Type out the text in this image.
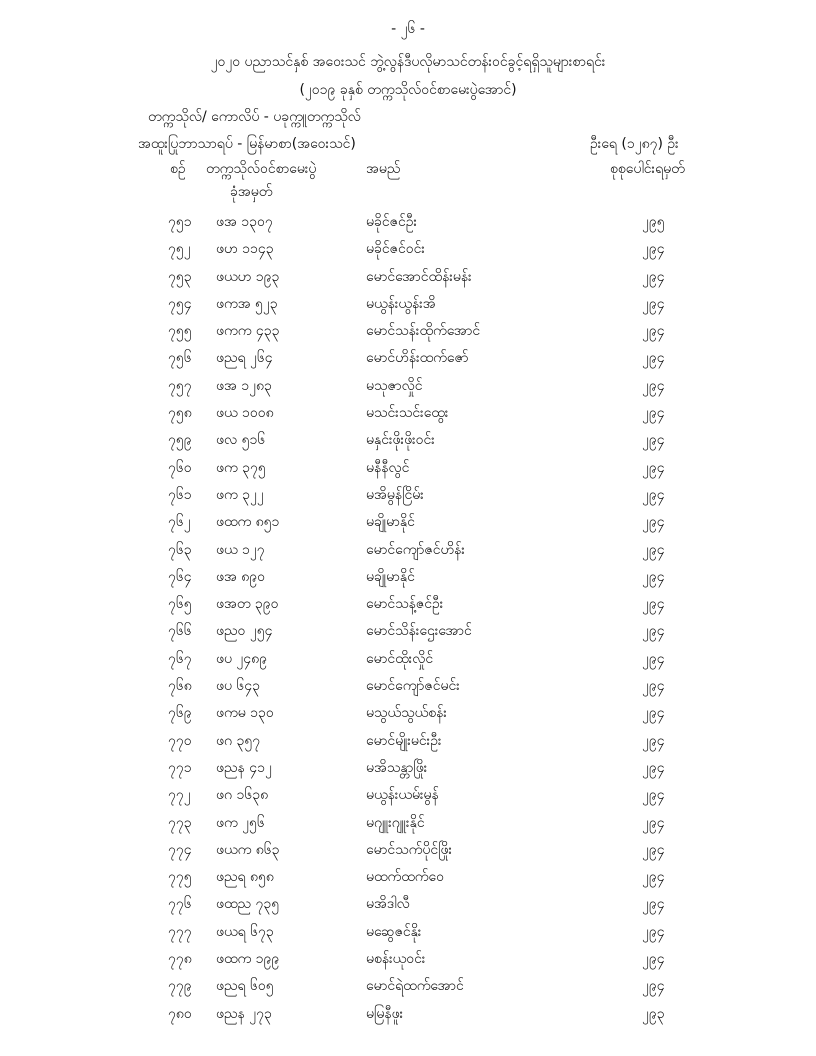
- ၂၆ -
၂၀၂၀ ပညာသင်နှစ် အဝေးသင် ဘွဲ့လွန်ဒီပလိုမာသင်တန်းဝင်ခွင့်ရရှိသူများစာရင်း
(၂၀၁၉ ခုနှစ် တက္ကသိုလ်ဝင်စာမေးပွဲအောင်)
တက္ကသိုလ်/ ကောလိပ် - ပခုက္ကူတက္ကသိုလ်
အထူးပြုဘာသာရပ် - မြန်မာစာ(အဝေးသင်)	ဦးရေ (၁၂၈၇) ဦး
စဉ် တက္ကသိုလ်ဝင်စာမေးပွဲ
ခုံအမှတ်
အမည်	စုစုပေါင်းရမှတ်
၇၅၁ ဖအ ၁၃၀၇	မခိုင်ဇင်ဦး	၂၉၅
၇၅၂ ဖဟ ၁၁၄၃	မခိုင်ဇင်ဝင်း	၂၉၄
၇၅၃ ဖယဟ ၁၉၃	မောင်အောင်ထိန်းမန်း	၂၉၄
၇၅၄ ဖကအ ၅၂၃	မယွန်းယွန်းအိ	၂၉၄
၇၅၅ ဖကက ၄၃၃	မောင်သန်းထိုက်အောင်	၂၉၄
၇၅၆ ဖညရ ၂၆၄	မောင်ဟိန်းထက်ဇော်	၂၉၄
၇၅၇ ဖအ ၁၂၈၃	မသုဇာလှိုင်	၂၉၄
၇၅၈ ဖယ ၁၀၀၈	မသင်းသင်းထွေး	၂၉၄
၇၅၉ ဖလ ၅၁၆	မနှင်းဖိုးဖိုးဝင်း	၂၉၄
၇၆၀ ဖက ၃၇၅	မနီနီလွင်	၂၉၄
၇၆၁ ဖက ၃၂၂	မအိမွန်ငြိမ်း	၂၉၄
၇၆၂ ဖထက ၈၅၁	မချိုမာနိုင်	၂၉၄
၇၆၃ ဖယ ၁၂၇	မောင်ကျော်ဇင်ဟိန်း	၂၉၄
၇၆၄ ဖအ ၈၉၀	မချိုမာနိုင်	၂၉၄
၇၆၅ ဖအတ ၃၉၀	မောင်သန့်ဇင်ဦး	၂၉၄
၇၆၆ ဖညဝ ၂၅၄	မောင်သိန်းဌေးအောင်	၂၉၄
၇၆၇ ဖပ ၂၄၈၉	မောင်ထိုးလှိုင်	၂၉၄
၇၆၈ ဖပ ၆၄၃	မောင်ကျော်ဇင်မင်း	၂၉၄
၇၆၉ ဖကမ ၁၃၀	မသွယ်သွယ်စန်း	၂၉၄
၇၇၀ ဖဂ ၃၅၇	မောင်မျိုးမင်းဦး	၂၉၄
၇၇၁ ဖညန ၄၁၂	မအိသန္တာဖြိုး	၂၉၄
၇၇၂ ဖဂ ၁၆၃၈	မယွန်းယမ်းမွန်	၂၉၄
၇၇၃ ဖက ၂၅၆	မဂျူးဂျူးနိုင်	၂၉၄
၇၇၄ ဖယက ၈၆၃	မောင်သက်ပိုင်ဖြိုး	၂၉၄
၇၇၅ ဖညရ ၈၅၈	မထက်ထက်ဝေ	၂၉၄
၇၇၆ ဖထည ၇၃၅	မအိဒါလီ	၂၉၄
၇၇၇ ဖယရ ၆၇၃	မဆွေဇင်နိုး	၂၉၄
၇၇၈ ဖထက ၁၉၉	မစန်းယုဝင်း	၂၉၄
၇၇၉ ဖညရ ၆၀၅	မောင်ရဲထက်အောင်	၂၉၄
၇၈၀ ဖညန ၂၇၃	မမြနီဖူး	၂၉၃
